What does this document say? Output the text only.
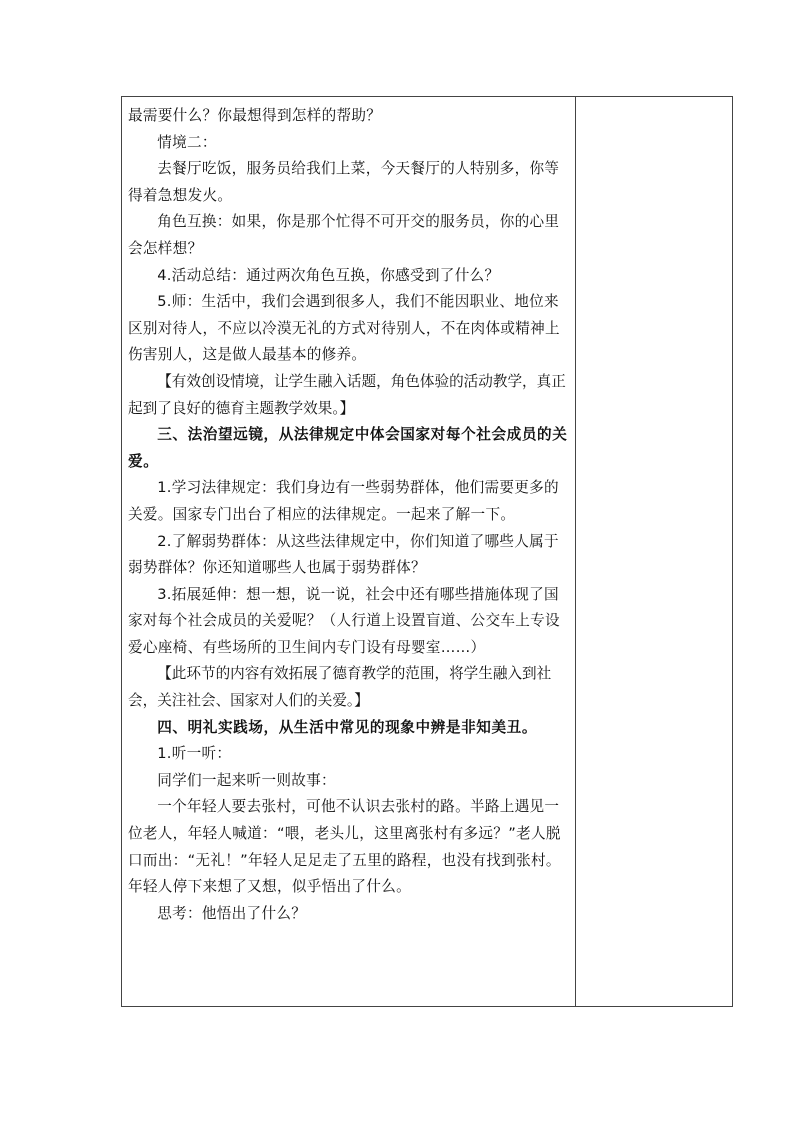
最需要什么？你最想得到怎样的帮助？

情境二：

去餐厅吃饭，服务员给我们上菜，今天餐厅的人特别多，你等得着急想发火。

角色互换：如果，你是那个忙得不可开交的服务员，你的心里会怎样想？

4.活动总结：通过两次角色互换，你感受到了什么？

5.师：生活中，我们会遇到很多人，我们不能因职业、地位来区别对待人，不应以冷漠无礼的方式对待别人，不在肉体或精神上伤害别人，这是做人最基本的修养。

【有效创设情境，让学生融入话题，角色体验的活动教学，真正起到了良好的德育主题教学效果。】

三、法治望远镜，从法律规定中体会国家对每个社会成员的关爱。

1.学习法律规定：我们身边有一些弱势群体，他们需要更多的关爱。国家专门出台了相应的法律规定。一起来了解一下。

2.了解弱势群体：从这些法律规定中，你们知道了哪些人属于弱势群体？你还知道哪些人也属于弱势群体？

3.拓展延伸：想一想，说一说，社会中还有哪些措施体现了国家对每个社会成员的关爱呢？（人行道上设置盲道、公交车上专设爱心座椅、有些场所的卫生间内专门设有母婴室……）

【此环节的内容有效拓展了德育教学的范围，将学生融入到社会，关注社会、国家对人们的关爱。】

四、明礼实践场，从生活中常见的现象中辨是非知美丑。

1.听一听：

同学们一起来听一则故事：

一个年轻人要去张村，可他不认识去张村的路。半路上遇见一位老人，年轻人喊道：“喂，老头儿，这里离张村有多远？”老人脱口而出：“无礼！”年轻人足足走了五里的路程，也没有找到张村。年轻人停下来想了又想，似乎悟出了什么。

思考：他悟出了什么？
